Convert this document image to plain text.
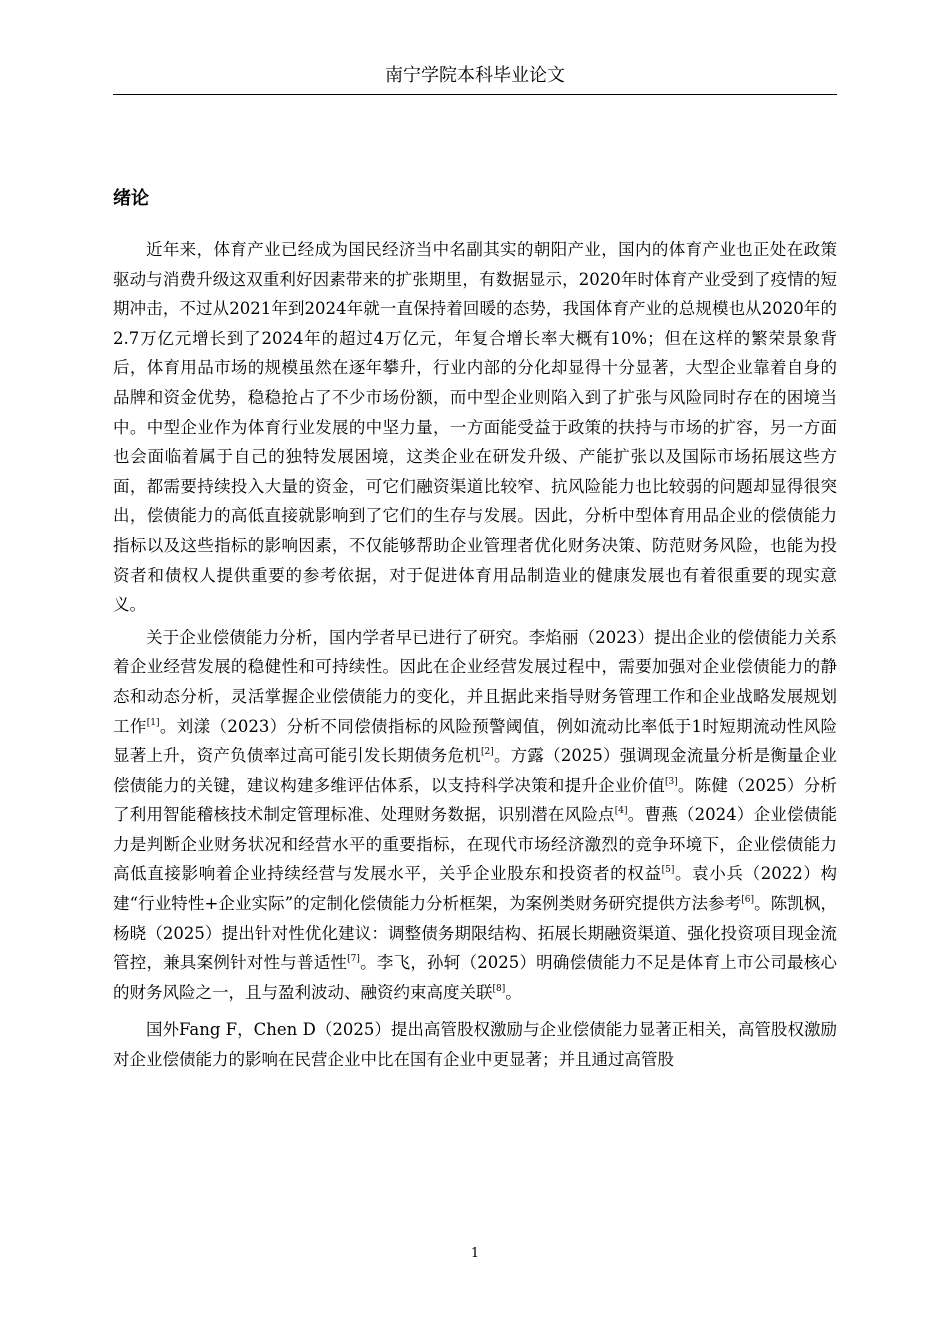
南宁学院本科毕业论文
绪论

近年来，体育产业已经成为国民经济当中名副其实的朝阳产业，国内的体育产业也正处在政策驱动与消费升级这双重利好因素带来的扩张期里，有数据显示，2020年时体育产业受到了疫情的短期冲击，不过从2021年到2024年就一直保持着回暖的态势，我国体育产业的总规模也从2020年的2.7万亿元增长到了2024年的超过4万亿元，年复合增长率大概有10%；但在这样的繁荣景象背后，体育用品市场的规模虽然在逐年攀升，行业内部的分化却显得十分显著，大型企业靠着自身的品牌和资金优势，稳稳抢占了不少市场份额，而中型企业则陷入到了扩张与风险同时存在的困境当中。中型企业作为体育行业发展的中坚力量，一方面能受益于政策的扶持与市场的扩容，另一方面也会面临着属于自己的独特发展困境，这类企业在研发升级、产能扩张以及国际市场拓展这些方面，都需要持续投入大量的资金，可它们融资渠道比较窄、抗风险能力也比较弱的问题却显得很突出，偿债能力的高低直接就影响到了它们的生存与发展。因此，分析中型体育用品企业的偿债能力指标以及这些指标的影响因素，不仅能够帮助企业管理者优化财务决策、防范财务风险，也能为投资者和债权人提供重要的参考依据，对于促进体育用品制造业的健康发展也有着很重要的现实意义。

关于企业偿债能力分析，国内学者早已进行了研究。李焰丽（2023）提出企业的偿债能力关系着企业经营发展的稳健性和可持续性。因此在企业经营发展过程中，需要加强对企业偿债能力的静态和动态分析，灵活掌握企业偿债能力的变化，并且据此来指导财务管理工作和企业战略发展规划工作[1]。刘漾（2023）分析不同偿债指标的风险预警阈值，例如流动比率低于1时短期流动性风险显著上升，资产负债率过高可能引发长期债务危机[2]。方露（2025）强调现金流量分析是衡量企业偿债能力的关键，建议构建多维评估体系，以支持科学决策和提升企业价值[3]。陈健（2025）分析了利用智能稽核技术制定管理标准、处理财务数据，识别潜在风险点[4]。曹燕（2024）企业偿债能力是判断企业财务状况和经营水平的重要指标，在现代市场经济激烈的竞争环境下，企业偿债能力高低直接影响着企业持续经营与发展水平，关乎企业股东和投资者的权益[5]。袁小兵（2022）构建“行业特性+企业实际”的定制化偿债能力分析框架，为案例类财务研究提供方法参考[6]。陈凯枫，杨晓（2025）提出针对性优化建议：调整债务期限结构、拓展长期融资渠道、强化投资项目现金流管控，兼具案例针对性与普适性[7]。李飞，孙轲（2025）明确偿债能力不足是体育上市公司最核心的财务风险之一，且与盈利波动、融资约束高度关联[8]。

国外Fang F，Chen D（2025）提出高管股权激励与企业偿债能力显著正相关，高管股权激励对企业偿债能力的影响在民营企业中比在国有企业中更显著；并且通过高管股

1
